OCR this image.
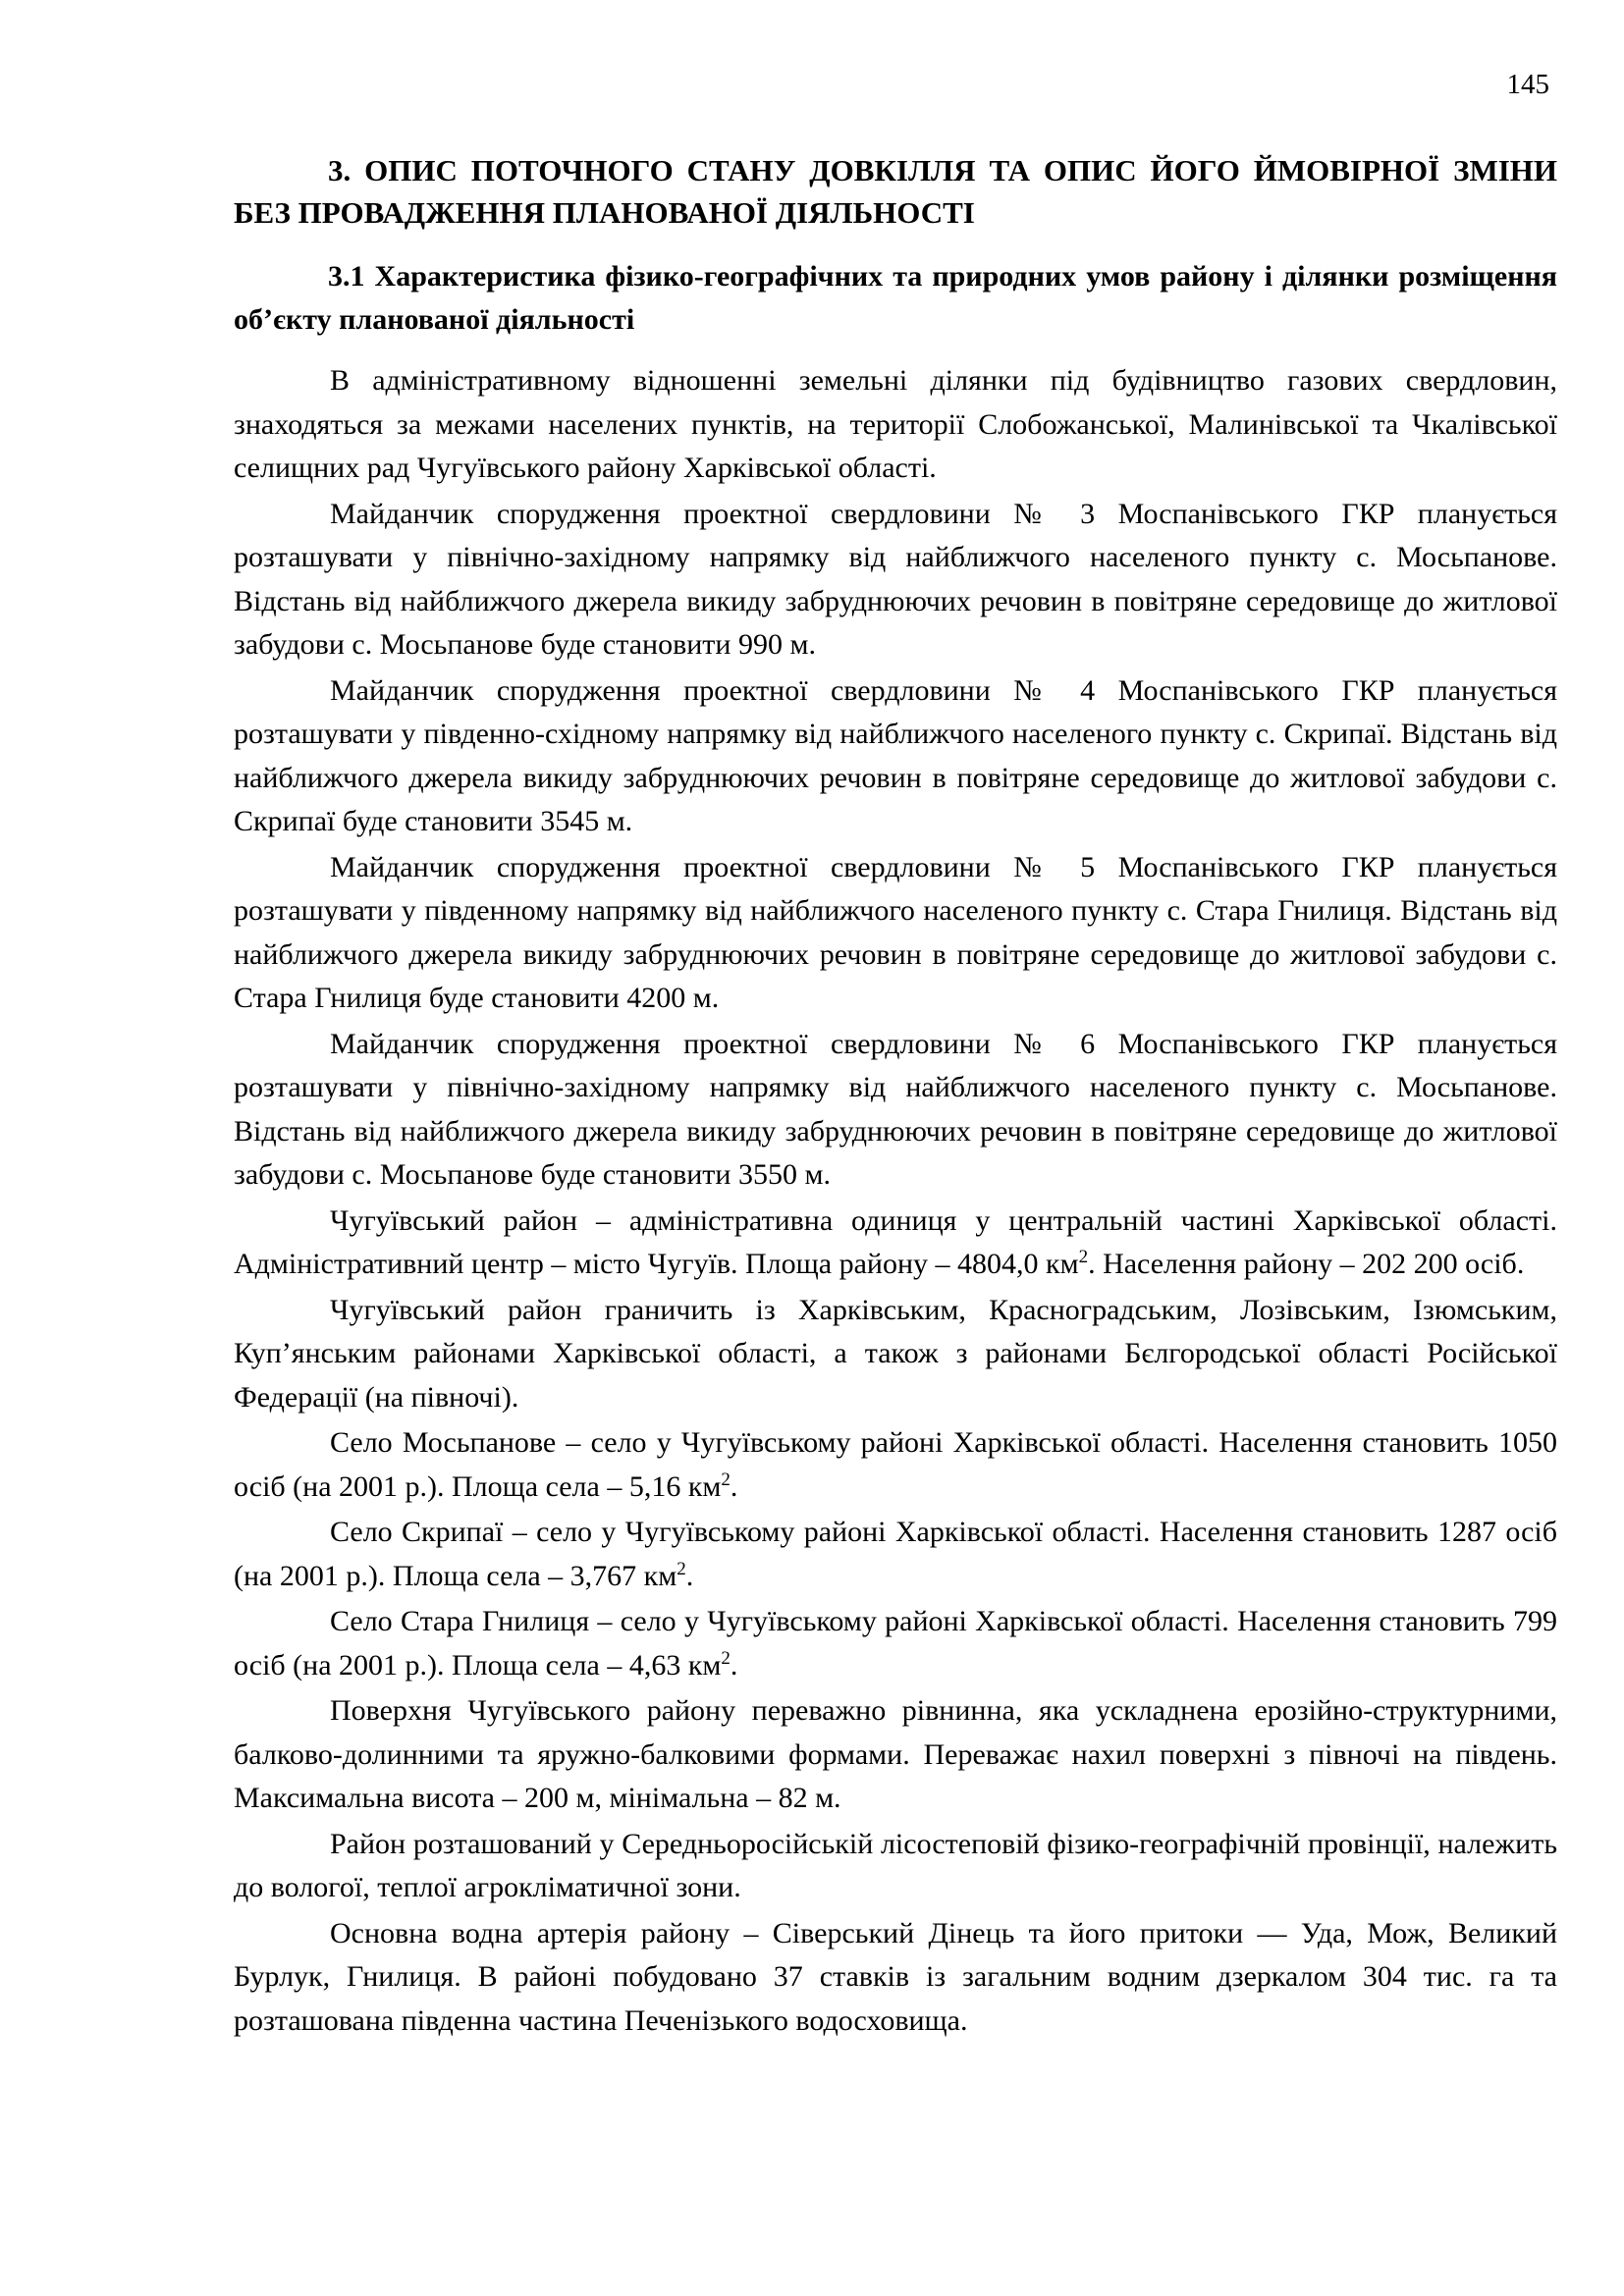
145
3. ОПИС ПОТОЧНОГО СТАНУ ДОВКІЛЛЯ ТА ОПИС ЙОГО ЙМОВІРНОЇ ЗМІНИ БЕЗ ПРОВАДЖЕННЯ ПЛАНОВАНОЇ ДІЯЛЬНОСТІ
3.1 Характеристика фізико-географічних та природних умов району і ділянки розміщення об’єкту планованої діяльності

В адміністративному відношенні земельні ділянки під будівництво газових свердловин, знаходяться за межами населених пунктів, на території Слобожанської, Малинівської та Чкалівської селищних рад Чугуївського району Харківської області.

Майданчик спорудження проектної свердловини № 3 Моспанівського ГКР планується розташувати у північно-західному напрямку від найближчого населеного пункту с. Мосьпанове. Відстань від найближчого джерела викиду забруднюючих речовин в повітряне середовище до житлової забудови с. Мосьпанове буде становити 990 м.

Майданчик спорудження проектної свердловини № 4 Моспанівського ГКР планується розташувати у південно-східному напрямку від найближчого населеного пункту с. Скрипаї. Відстань від найближчого джерела викиду забруднюючих речовин в повітряне середовище до житлової забудови с. Скрипаї буде становити 3545 м.

Майданчик спорудження проектної свердловини № 5 Моспанівського ГКР планується розташувати у південному напрямку від найближчого населеного пункту с. Стара Гнилиця. Відстань від найближчого джерела викиду забруднюючих речовин в повітряне середовище до житлової забудови с. Стара Гнилиця буде становити 4200 м.

Майданчик спорудження проектної свердловини № 6 Моспанівського ГКР планується розташувати у північно-західному напрямку від найближчого населеного пункту с. Мосьпанове. Відстань від найближчого джерела викиду забруднюючих речовин в повітряне середовище до житлової забудови с. Мосьпанове буде становити 3550 м.

Чугуївський район – адміністративна одиниця у центральній частині Харківської області. Адміністративний центр – місто Чугуїв. Площа району – 4804,0 $км^2$. Населення району – 202 200 осіб.

Чугуївський район граничить із Харківським, Красноградським, Лозівським, Ізюмським, Куп’янським районами Харківської області, а також з районами Бєлгородської області Російської Федерації (на півночі).

Село Мосьпанове – село у Чугуївському районі Харківської області. Населення становить 1050 осіб (на 2001 р.). Площа села – 5,16 $км^2$.

Село Скрипаї – село у Чугуївському районі Харківської області. Населення становить 1287 осіб (на 2001 р.). Площа села – 3,767 $км^2$.

Село Стара Гнилиця – село у Чугуївському районі Харківської області. Населення становить 799 осіб (на 2001 р.). Площа села – 4,63 $км^2$.

Поверхня Чугуївського району переважно рівнинна, яка ускладнена ерозійно-структурними, балково-долинними та яружно-балковими формами. Переважає нахил поверхні з півночі на південь. Максимальна висота – 200 м, мінімальна – 82 м.

Район розташований у Середньоросійській лісостеповій фізико-географічній провінції, належить до вологої, теплої агрокліматичної зони.

Основна водна артерія району – Сіверський Дінець та його притоки — Уда, Мож, Великий Бурлук, Гнилиця. В районі побудовано 37 ставків із загальним водним дзеркалом 304 тис. га та розташована південна частина Печенізького водосховища.
